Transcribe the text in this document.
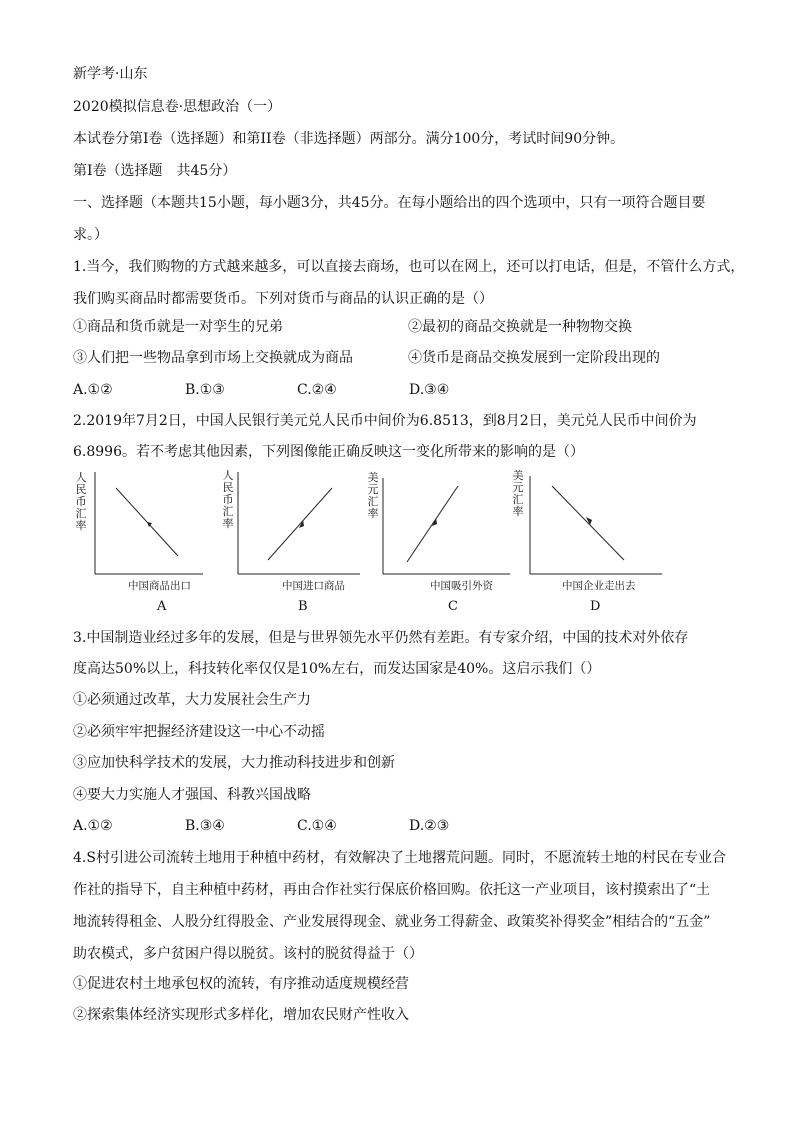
新学考·山东
2020模拟信息卷·思想政治（一）
本试卷分第Ⅰ卷（选择题）和第II卷（非选择题）两部分。满分100分，考试时间90分钟。
第Ⅰ卷（选择题　共45分）
一、选择题（本题共15小题，每小题3分，共45分。在每小题给出的四个选项中，只有一项符合题目要
求。）
1.当今，我们购物的方式越来越多，可以直接去商场，也可以在网上，还可以打电话，但是，不管什么方式，
我们购买商品时都需要货币。下列对货币与商品的认识正确的是（）
①商品和货币就是一对孪生的兄弟	②最初的商品交换就是一种物物交换
③人们把一些物品拿到市场上交换就成为商品	④货币是商品交换发展到一定阶段出现的
A.①②	B.①③	C.②④	D.③④
2.2019年7月2日，中国人民银行美元兑人民币中间价为6.8513，到8月2日，美元兑人民币中间价为
6.8996。若不考虑其他因素，下列图像能正确反映这一变化所带来的影响的是（）
人民币汇率
中国商品出口
A
人民币汇率
中国进口商品
B
美元汇率
中国吸引外资
C
美元汇率
中国企业走出去
D
3.中国制造业经过多年的发展，但是与世界领先水平仍然有差距。有专家介绍，中国的技术对外依存
度高达50%以上，科技转化率仅仅是10%左右，而发达国家是40%。这启示我们（）
①必须通过改革，大力发展社会生产力
②必须牢牢把握经济建设这一中心不动摇
③应加快科学技术的发展，大力推动科技进步和创新
④要大力实施人才强国、科教兴国战略
A.①②	B.③④	C.①④	D.②③
4.S村引进公司流转土地用于种植中药材，有效解决了土地撂荒问题。同时，不愿流转土地的村民在专业合
作社的指导下，自主种植中药材，再由合作社实行保底价格回购。依托这一产业项目，该村摸索出了“土
地流转得租金、人股分红得股金、产业发展得现金、就业务工得薪金、政策奖补得奖金”相结合的“五金”
助农模式，多户贫困户得以脱贫。该村的脱贫得益于（）
①促进农村土地承包权的流转，有序推动适度规模经营
②探索集体经济实现形式多样化，增加农民财产性收入
